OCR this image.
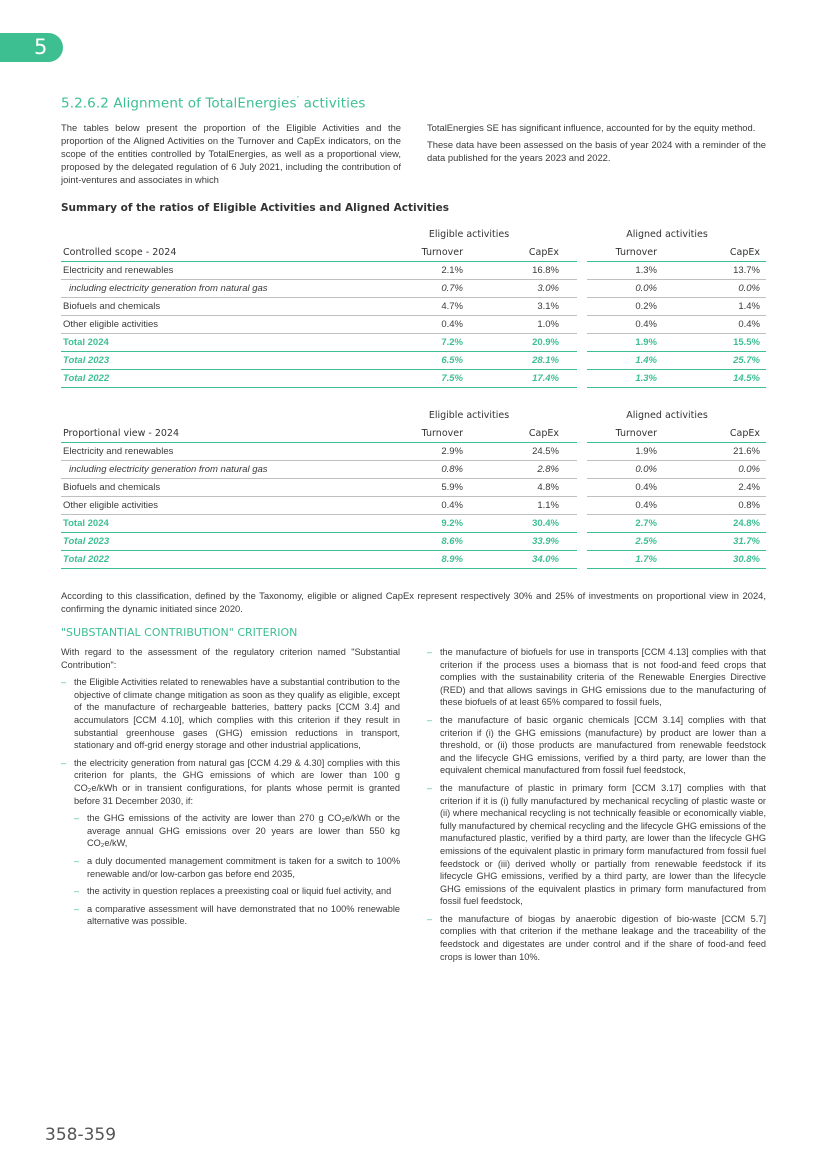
5
5.2.6.2 Alignment of TotalEnergies’ activities
The tables below present the proportion of the Eligible Activities and the proportion of the Aligned Activities on the Turnover and CapEx indicators, on the scope of the entities controlled by TotalEnergies, as well as a proportional view, proposed by the delegated regulation of 6 July 2021, including the contribution of joint-ventures and associates in which

TotalEnergies SE has significant influence, accounted for by the equity method.

These data have been assessed on the basis of year 2024 with a reminder of the data published for the years 2023 and 2022.

Summary of the ratios of Eligible Activities and Aligned Activities
Eligible activities	Aligned activities
Controlled scope - 2024	Turnover	CapEx	Turnover	CapEx
Electricity and renewables	2.1%	16.8%	1.3%	13.7%
including electricity generation from natural gas	0.7%	3.0%	0.0%	0.0%
Biofuels and chemicals	4.7%	3.1%	0.2%	1.4%
Other eligible activities	0.4%	1.0%	0.4%	0.4%
Total 2024	7.2%	20.9%	1.9%	15.5%
Total 2023	6.5%	28.1%	1.4%	25.7%
Total 2022	7.5%	17.4%	1.3%	14.5%
Eligible activities	Aligned activities
Proportional view - 2024	Turnover	CapEx	Turnover	CapEx
Electricity and renewables	2.9%	24.5%	1.9%	21.6%
including electricity generation from natural gas	0.8%	2.8%	0.0%	0.0%
Biofuels and chemicals	5.9%	4.8%	0.4%	2.4%
Other eligible activities	0.4%	1.1%	0.4%	0.8%
Total 2024	9.2%	30.4%	2.7%	24.8%
Total 2023	8.6%	33.9%	2.5%	31.7%
Total 2022	8.9%	34.0%	1.7%	30.8%
According to this classification, defined by the Taxonomy, eligible or aligned CapEx represent respectively 30% and 25% of investments on proportional view in 2024, confirming the dynamic initiated since 2020.
"SUBSTANTIAL CONTRIBUTION" CRITERION

With regard to the assessment of the regulatory criterion named "Substantial Contribution":

– the Eligible Activities related to renewables have a substantial contribution to the objective of climate change mitigation as soon as they qualify as eligible, except of the manufacture of rechargeable batteries, battery packs [CCM 3.4] and accumulators [CCM 4.10], which complies with this criterion if they result in substantial greenhouse gases (GHG) emission reductions in transport, stationary and off-grid energy storage and other industrial applications,
– the electricity generation from natural gas [CCM 4.29 & 4.30] complies with this criterion for plants, the GHG emissions of which are lower than 100 g CO₂e/kWh or in transient configurations, for plants whose permit is granted before 31 December 2030, if:
– the GHG emissions of the activity are lower than 270 g CO₂e/kWh or the average annual GHG emissions over 20 years are lower than 550 kg CO₂e/kW,
– a duly documented management commitment is taken for a switch to 100% renewable and/or low-carbon gas before end 2035,
– the activity in question replaces a preexisting coal or liquid fuel activity, and
– a comparative assessment will have demonstrated that no 100% renewable alternative was possible.
– the manufacture of biofuels for use in transports [CCM 4.13] complies with that criterion if the process uses a biomass that is not food-and feed crops that complies with the sustainability criteria of the Renewable Energies Directive (RED) and that allows savings in GHG emissions due to the manufacturing of these biofuels of at least 65% compared to fossil fuels,
– the manufacture of basic organic chemicals [CCM 3.14] complies with that criterion if (i) the GHG emissions (manufacture) by product are lower than a threshold, or (ii) those products are manufactured from renewable feedstock and the lifecycle GHG emissions, verified by a third party, are lower than the equivalent chemical manufactured from fossil fuel feedstock,
– the manufacture of plastic in primary form [CCM 3.17] complies with that criterion if it is (i) fully manufactured by mechanical recycling of plastic waste or (ii) where mechanical recycling is not technically feasible or economically viable, fully manufactured by chemical recycling and the lifecycle GHG emissions of the manufactured plastic, verified by a third party, are lower than the lifecycle GHG emissions of the equivalent plastic in primary form manufactured from fossil fuel feedstock or (iii) derived wholly or partially from renewable feedstock if its lifecycle GHG emissions, verified by a third party, are lower than the lifecycle GHG emissions of the equivalent plastics in primary form manufactured from fossil fuel feedstock,
– the manufacture of biogas by anaerobic digestion of bio-waste [CCM 5.7] complies with that criterion if the methane leakage and the traceability of the feedstock and digestates are under control and if the share of food-and feed crops is lower than 10%.
358-359
